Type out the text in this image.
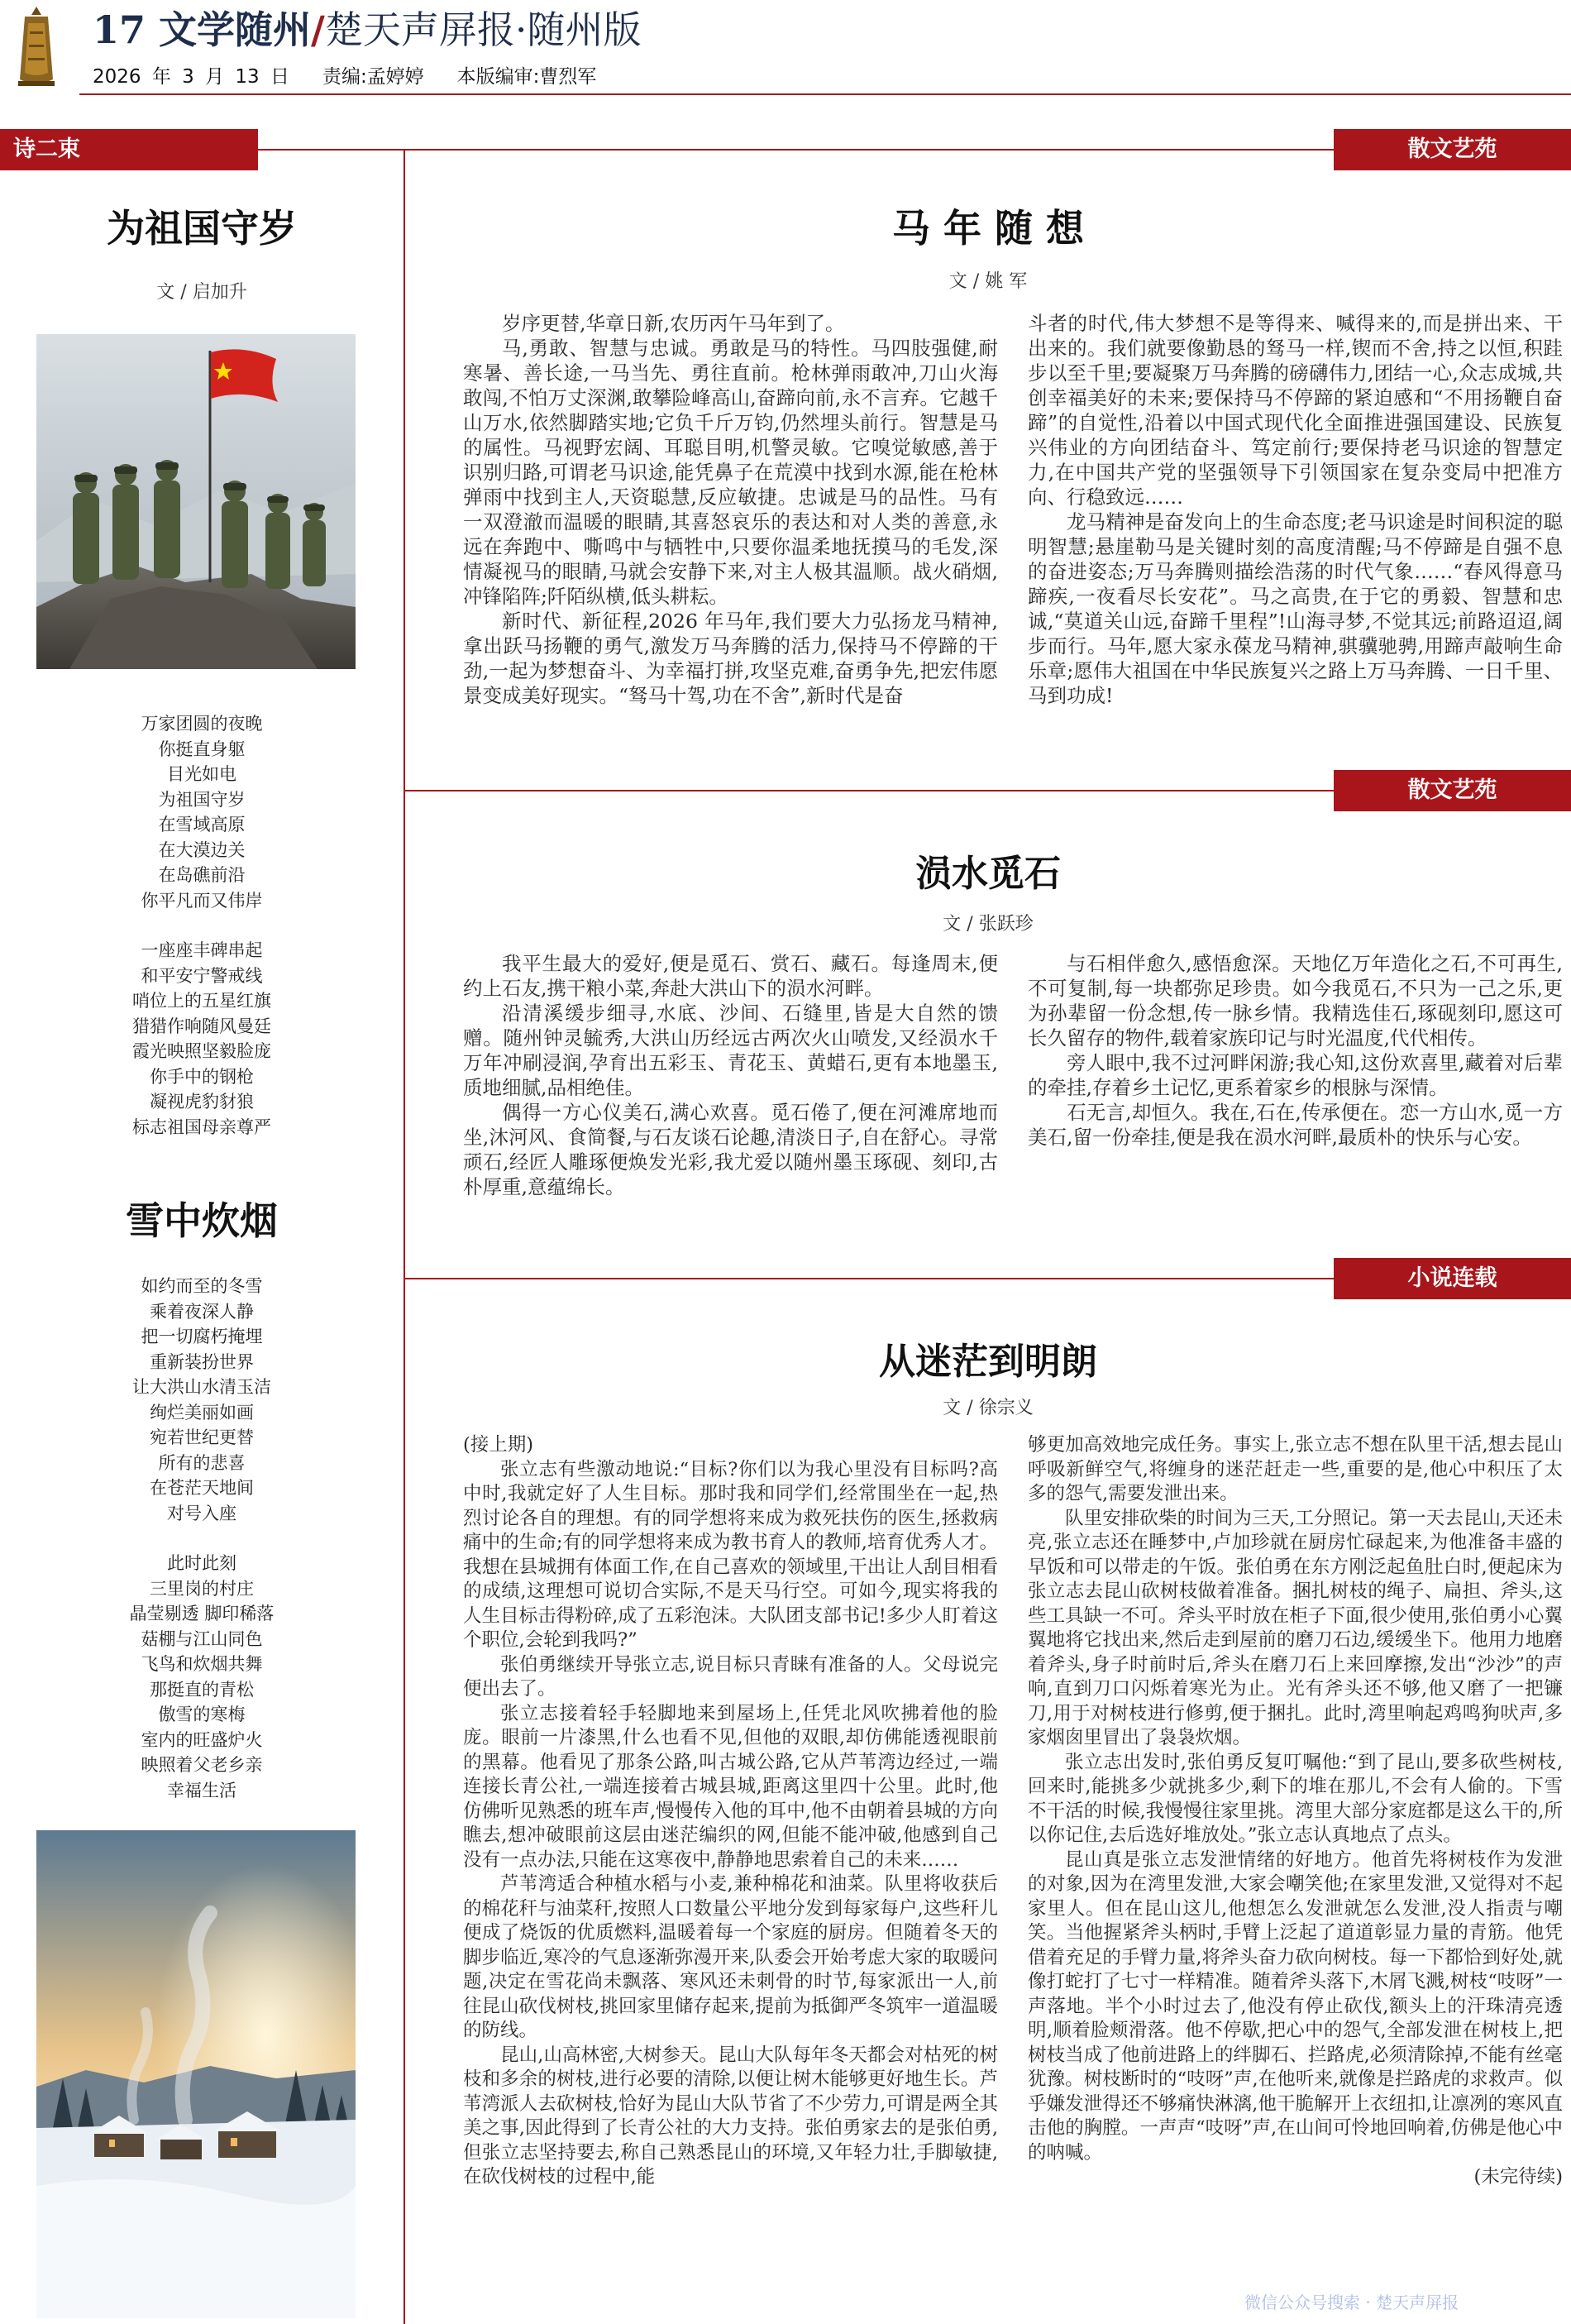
17 文学随州/楚天声屏报·随州版
2026 年 3 月 13 日 责编:孟婷婷 本版编审:曹烈军
诗二束	散文艺苑
散文艺苑
小说连载
为祖国守岁
文 / 启加升
万家团圆的夜晚
你挺直身躯
目光如电
为祖国守岁
在雪域高原
在大漠边关
在岛礁前沿
你平凡而又伟岸
一座座丰碑串起
和平安宁警戒线
哨位上的五星红旗
猎猎作响随风曼廷
霞光映照坚毅脸庞
你手中的钢枪
凝视虎豹豺狼
标志祖国母亲尊严
雪中炊烟
如约而至的冬雪
乘着夜深人静
把一切腐朽掩埋
重新装扮世界
让大洪山水清玉洁
绚烂美丽如画
宛若世纪更替
所有的悲喜
在苍茫天地间
对号入座
此时此刻
三里岗的村庄
晶莹剔透 脚印稀落
菇棚与江山同色
飞鸟和炊烟共舞
那挺直的青松
傲雪的寒梅
室内的旺盛炉火
映照着父老乡亲
幸福生活
马 年 随 想
文 / 姚 军

岁序更替,华章日新,农历丙午马年到了。

马,勇敢、智慧与忠诚。勇敢是马的特性。马四肢强健,耐寒暑、善长途,一马当先、勇往直前。枪林弹雨敢冲,刀山火海敢闯,不怕万丈深渊,敢攀险峰高山,奋蹄向前,永不言弃。它越千山万水,依然脚踏实地;它负千斤万钧,仍然埋头前行。智慧是马的属性。马视野宏阔、耳聪目明,机警灵敏。它嗅觉敏感,善于识别归路,可谓老马识途,能凭鼻子在荒漠中找到水源,能在枪林弹雨中找到主人,天资聪慧,反应敏捷。忠诚是马的品性。马有一双澄澈而温暖的眼睛,其喜怒哀乐的表达和对人类的善意,永远在奔跑中、嘶鸣中与牺牲中,只要你温柔地抚摸马的毛发,深情凝视马的眼睛,马就会安静下来,对主人极其温顺。战火硝烟,冲锋陷阵;阡陌纵横,低头耕耘。

新时代、新征程,2026 年马年,我们要大力弘扬龙马精神,拿出跃马扬鞭的勇气,激发万马奔腾的活力,保持马不停蹄的干劲,一起为梦想奋斗、为幸福打拼,攻坚克难,奋勇争先,把宏伟愿景变成美好现实。“驽马十驾,功在不舍”,新时代是奋

斗者的时代,伟大梦想不是等得来、喊得来的,而是拼出来、干出来的。我们就要像勤恳的驽马一样,锲而不舍,持之以恒,积跬步以至千里;要凝聚万马奔腾的磅礴伟力,团结一心,众志成城,共创幸福美好的未来;要保持马不停蹄的紧迫感和“不用扬鞭自奋蹄”的自觉性,沿着以中国式现代化全面推进强国建设、民族复兴伟业的方向团结奋斗、笃定前行;要保持老马识途的智慧定力,在中国共产党的坚强领导下引领国家在复杂变局中把准方向、行稳致远……

龙马精神是奋发向上的生命态度;老马识途是时间积淀的聪明智慧;悬崖勒马是关键时刻的高度清醒;马不停蹄是自强不息的奋进姿态;万马奔腾则描绘浩荡的时代气象……“春风得意马蹄疾,一夜看尽长安花”。马之高贵,在于它的勇毅、智慧和忠诚,“莫道关山远,奋蹄千里程”!山海寻梦,不觉其远;前路迢迢,阔步而行。马年,愿大家永葆龙马精神,骐骥驰骋,用蹄声敲响生命乐章;愿伟大祖国在中华民族复兴之路上万马奔腾、一日千里、马到功成!

涢水觅石
文 / 张跃珍

我平生最大的爱好,便是觅石、赏石、藏石。每逢周末,便约上石友,携干粮小菜,奔赴大洪山下的涢水河畔。

沿清溪缓步细寻,水底、沙间、石缝里,皆是大自然的馈赠。随州钟灵毓秀,大洪山历经远古两次火山喷发,又经涢水千万年冲刷浸润,孕育出五彩玉、青花玉、黄蜡石,更有本地墨玉,质地细腻,品相绝佳。

偶得一方心仪美石,满心欢喜。觅石倦了,便在河滩席地而坐,沐河风、食简餐,与石友谈石论趣,清淡日子,自在舒心。寻常顽石,经匠人雕琢便焕发光彩,我尤爱以随州墨玉琢砚、刻印,古朴厚重,意蕴绵长。

与石相伴愈久,感悟愈深。天地亿万年造化之石,不可再生,不可复制,每一块都弥足珍贵。如今我觅石,不只为一己之乐,更为孙辈留一份念想,传一脉乡情。我精选佳石,琢砚刻印,愿这可长久留存的物件,载着家族印记与时光温度,代代相传。

旁人眼中,我不过河畔闲游;我心知,这份欢喜里,藏着对后辈的牵挂,存着乡土记忆,更系着家乡的根脉与深情。

石无言,却恒久。我在,石在,传承便在。恋一方山水,觅一方美石,留一份牵挂,便是我在涢水河畔,最质朴的快乐与心安。

从迷茫到明朗
文 / 徐宗义

(接上期)

张立志有些激动地说:“目标?你们以为我心里没有目标吗?高中时,我就定好了人生目标。那时我和同学们,经常围坐在一起,热烈讨论各自的理想。有的同学想将来成为救死扶伤的医生,拯救病痛中的生命;有的同学想将来成为教书育人的教师,培育优秀人才。我想在县城拥有体面工作,在自己喜欢的领域里,干出让人刮目相看的成绩,这理想可说切合实际,不是天马行空。可如今,现实将我的人生目标击得粉碎,成了五彩泡沫。大队团支部书记!多少人盯着这个职位,会轮到我吗?”

张伯勇继续开导张立志,说目标只青睐有准备的人。父母说完便出去了。

张立志接着轻手轻脚地来到屋场上,任凭北风吹拂着他的脸庞。眼前一片漆黑,什么也看不见,但他的双眼,却仿佛能透视眼前的黑幕。他看见了那条公路,叫古城公路,它从芦苇湾边经过,一端连接长青公社,一端连接着古城县城,距离这里四十公里。此时,他仿佛听见熟悉的班车声,慢慢传入他的耳中,他不由朝着县城的方向瞧去,想冲破眼前这层由迷茫编织的网,但能不能冲破,他感到自己没有一点办法,只能在这寒夜中,静静地思索着自己的未来……

芦苇湾适合种植水稻与小麦,兼种棉花和油菜。队里将收获后的棉花秆与油菜秆,按照人口数量公平地分发到每家每户,这些秆儿便成了烧饭的优质燃料,温暖着每一个家庭的厨房。但随着冬天的脚步临近,寒冷的气息逐渐弥漫开来,队委会开始考虑大家的取暖问题,决定在雪花尚未飘落、寒风还未刺骨的时节,每家派出一人,前往昆山砍伐树枝,挑回家里储存起来,提前为抵御严冬筑牢一道温暖的防线。

昆山,山高林密,大树参天。昆山大队每年冬天都会对枯死的树枝和多余的树枝,进行必要的清除,以便让树木能够更好地生长。芦苇湾派人去砍树枝,恰好为昆山大队节省了不少劳力,可谓是两全其美之事,因此得到了长青公社的大力支持。张伯勇家去的是张伯勇,但张立志坚持要去,称自己熟悉昆山的环境,又年轻力壮,手脚敏捷,在砍伐树枝的过程中,能

够更加高效地完成任务。事实上,张立志不想在队里干活,想去昆山呼吸新鲜空气,将缠身的迷茫赶走一些,重要的是,他心中积压了太多的怨气,需要发泄出来。

队里安排砍柴的时间为三天,工分照记。第一天去昆山,天还未亮,张立志还在睡梦中,卢加珍就在厨房忙碌起来,为他准备丰盛的早饭和可以带走的午饭。张伯勇在东方刚泛起鱼肚白时,便起床为张立志去昆山砍树枝做着准备。捆扎树枝的绳子、扁担、斧头,这些工具缺一不可。斧头平时放在柜子下面,很少使用,张伯勇小心翼翼地将它找出来,然后走到屋前的磨刀石边,缓缓坐下。他用力地磨着斧头,身子时前时后,斧头在磨刀石上来回摩擦,发出“沙沙”的声响,直到刀口闪烁着寒光为止。光有斧头还不够,他又磨了一把镰刀,用于对树枝进行修剪,便于捆扎。此时,湾里响起鸡鸣狗吠声,多家烟囱里冒出了袅袅炊烟。

张立志出发时,张伯勇反复叮嘱他:“到了昆山,要多砍些树枝,回来时,能挑多少就挑多少,剩下的堆在那儿,不会有人偷的。下雪不干活的时候,我慢慢往家里挑。湾里大部分家庭都是这么干的,所以你记住,去后选好堆放处。”张立志认真地点了点头。

昆山真是张立志发泄情绪的好地方。他首先将树枝作为发泄的对象,因为在湾里发泄,大家会嘲笑他;在家里发泄,又觉得对不起家里人。但在昆山这儿,他想怎么发泄就怎么发泄,没人指责与嘲笑。当他握紧斧头柄时,手臂上泛起了道道彰显力量的青筋。他凭借着充足的手臂力量,将斧头奋力砍向树枝。每一下都恰到好处,就像打蛇打了七寸一样精准。随着斧头落下,木屑飞溅,树枝“吱呀”一声落地。半个小时过去了,他没有停止砍伐,额头上的汗珠清亮透明,顺着脸颊滑落。他不停歇,把心中的怨气,全部发泄在树枝上,把树枝当成了他前进路上的绊脚石、拦路虎,必须清除掉,不能有丝毫犹豫。树枝断时的“吱呀”声,在他听来,就像是拦路虎的求救声。似乎嫌发泄得还不够痛快淋漓,他干脆解开上衣纽扣,让凛冽的寒风直击他的胸膛。一声声“吱呀”声,在山间可怜地回响着,仿佛是他心中的呐喊。

(未完待续)

微信公众号搜索 · 楚天声屏报
